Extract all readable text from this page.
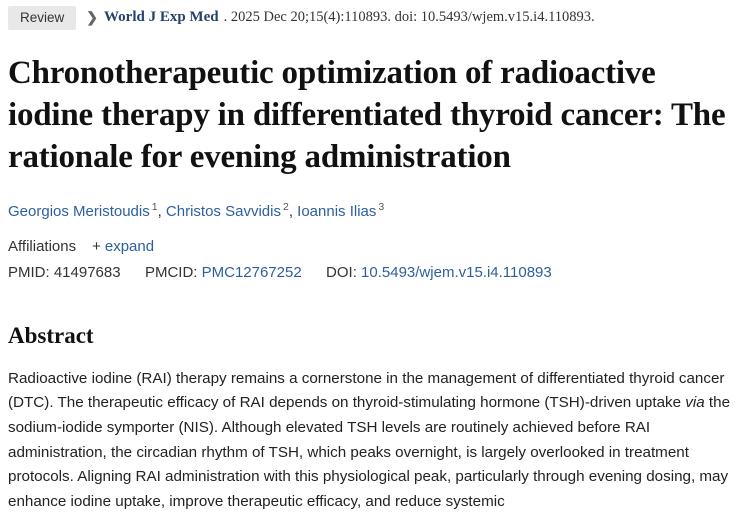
Review	❯ World J Exp Med . 2025 Dec 20;15(4):110893. doi: 10.5493/wjem.v15.i4.110893.
Chronotherapeutic optimization of radioactive iodine therapy in differentiated thyroid cancer: The rationale for evening administration
Georgios Meristoudis $^1$, Christos Savvidis $^2$, Ioannis Ilias $^3$
Affiliations + expand
PMID: 41497683 PMCID: PMC12767252 DOI: 10.5493/wjem.v15.i4.110893
Abstract

Radioactive iodine (RAI) therapy remains a cornerstone in the management of differentiated thyroid cancer (DTC). The therapeutic efficacy of RAI depends on thyroid-stimulating hormone (TSH)-driven uptake via the sodium-iodide symporter (NIS). Although elevated TSH levels are routinely achieved before RAI administration, the circadian rhythm of TSH, which peaks overnight, is largely overlooked in treatment protocols. Aligning RAI administration with this physiological peak, particularly through evening dosing, may enhance iodine uptake, improve therapeutic efficacy, and reduce systemic
